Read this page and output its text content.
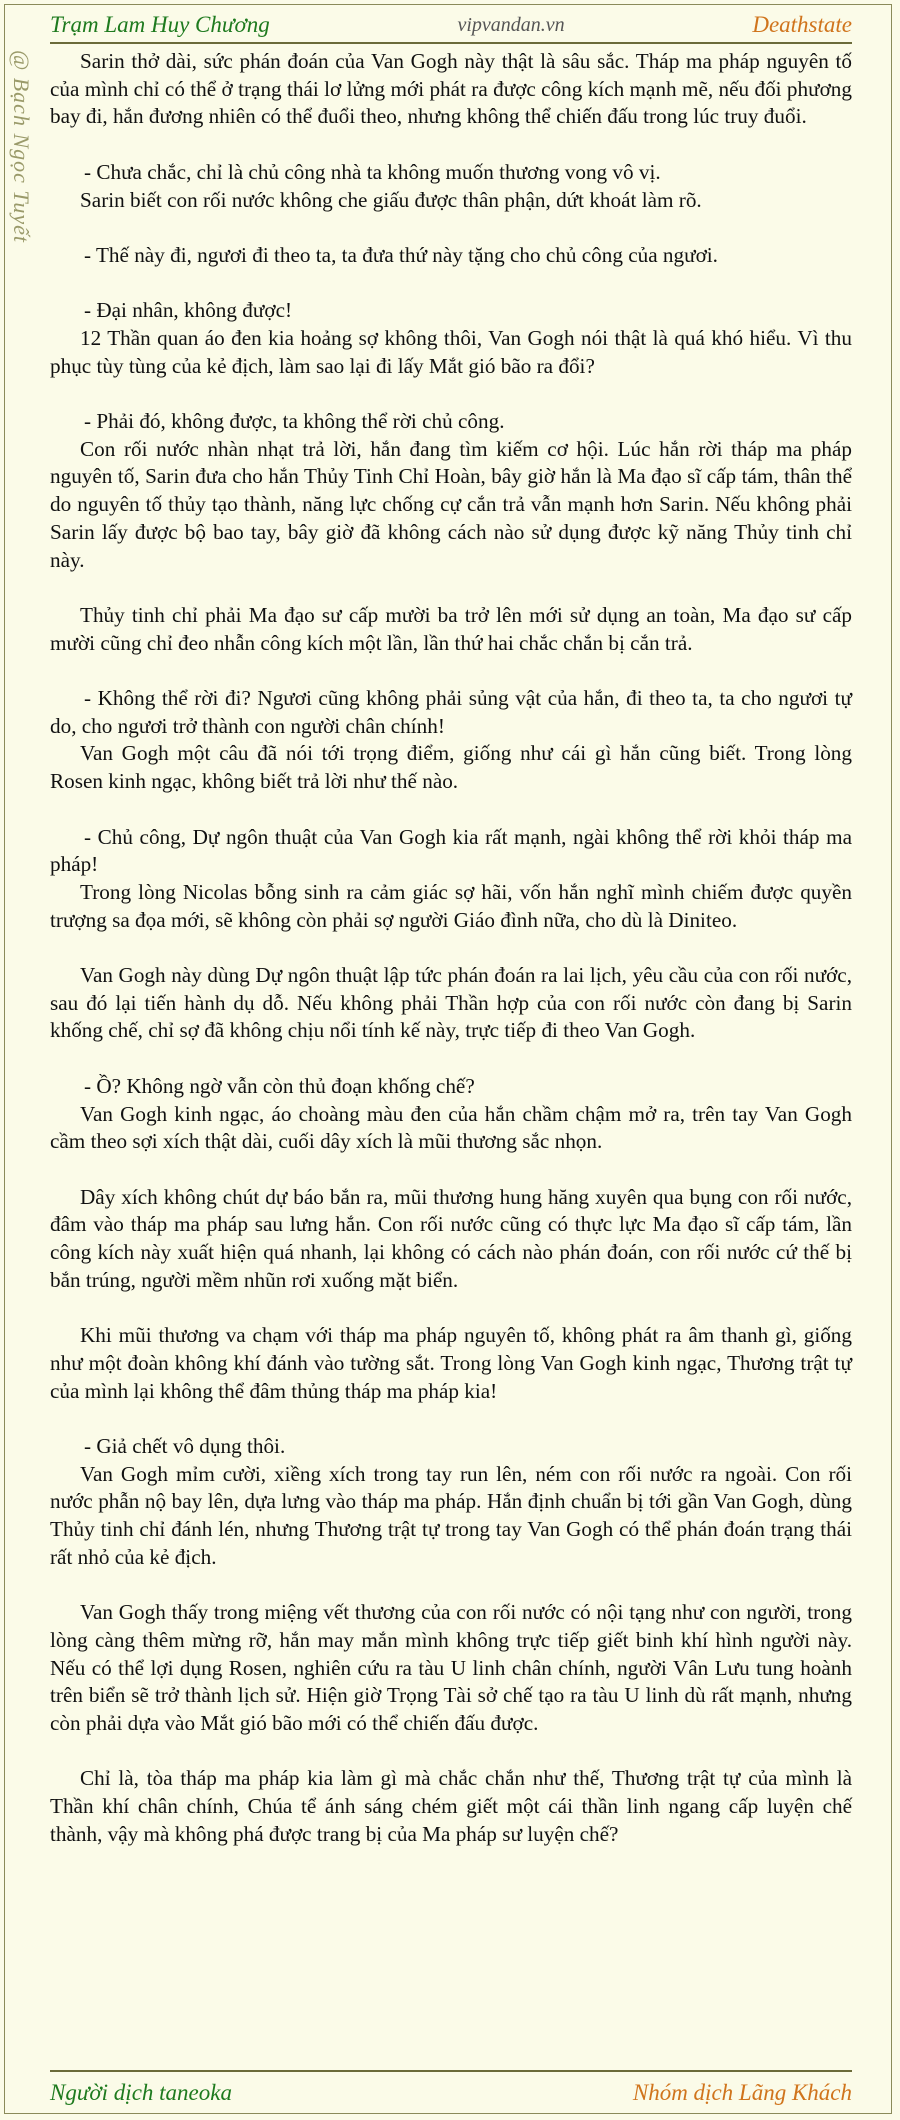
Trạm Lam Huy Chương	vipvandan.vn	Deathstate
@ Bạch Ngọc Tuyết	Sarin thở dài, sức phán đoán của Van Gogh này thật là sâu sắc. Tháp ma pháp nguyên tố của mình chỉ có thể ở trạng thái lơ lửng mới phát ra được công kích mạnh mẽ, nếu đối phương bay đi, hắn đương nhiên có thể đuổi theo, nhưng không thể chiến đấu trong lúc truy đuổi.

- Chưa chắc, chỉ là chủ công nhà ta không muốn thương vong vô vị.

Sarin biết con rối nước không che giấu được thân phận, dứt khoát làm rõ.

- Thế này đi, ngươi đi theo ta, ta đưa thứ này tặng cho chủ công của ngươi.

- Đại nhân, không được!

12 Thần quan áo đen kia hoảng sợ không thôi, Van Gogh nói thật là quá khó hiểu. Vì thu phục tùy tùng của kẻ địch, làm sao lại đi lấy Mắt gió bão ra đổi?

- Phải đó, không được, ta không thể rời chủ công.

Con rối nước nhàn nhạt trả lời, hắn đang tìm kiếm cơ hội. Lúc hắn rời tháp ma pháp nguyên tố, Sarin đưa cho hắn Thủy Tinh Chỉ Hoàn, bây giờ hắn là Ma đạo sĩ cấp tám, thân thể do nguyên tố thủy tạo thành, năng lực chống cự cắn trả vẫn mạnh hơn Sarin. Nếu không phải Sarin lấy được bộ bao tay, bây giờ đã không cách nào sử dụng được kỹ năng Thủy tinh chỉ này.

Thủy tinh chỉ phải Ma đạo sư cấp mười ba trở lên mới sử dụng an toàn, Ma đạo sư cấp mười cũng chỉ đeo nhẫn công kích một lần, lần thứ hai chắc chắn bị cắn trả.

- Không thể rời đi? Ngươi cũng không phải sủng vật của hắn, đi theo ta, ta cho ngươi tự do, cho ngươi trở thành con người chân chính!

Van Gogh một câu đã nói tới trọng điểm, giống như cái gì hắn cũng biết. Trong lòng Rosen kinh ngạc, không biết trả lời như thế nào.

- Chủ công, Dự ngôn thuật của Van Gogh kia rất mạnh, ngài không thể rời khỏi tháp ma pháp!

Trong lòng Nicolas bỗng sinh ra cảm giác sợ hãi, vốn hắn nghĩ mình chiếm được quyền trượng sa đọa mới, sẽ không còn phải sợ người Giáo đình nữa, cho dù là Diniteo.

Van Gogh này dùng Dự ngôn thuật lập tức phán đoán ra lai lịch, yêu cầu của con rối nước, sau đó lại tiến hành dụ dỗ. Nếu không phải Thần hợp của con rối nước còn đang bị Sarin khống chế, chỉ sợ đã không chịu nổi tính kế này, trực tiếp đi theo Van Gogh.

- Ồ? Không ngờ vẫn còn thủ đoạn khống chế?

Van Gogh kinh ngạc, áo choàng màu đen của hắn chầm chậm mở ra, trên tay Van Gogh cầm theo sợi xích thật dài, cuối dây xích là mũi thương sắc nhọn.

Dây xích không chút dự báo bắn ra, mũi thương hung hăng xuyên qua bụng con rối nước, đâm vào tháp ma pháp sau lưng hắn. Con rối nước cũng có thực lực Ma đạo sĩ cấp tám, lần công kích này xuất hiện quá nhanh, lại không có cách nào phán đoán, con rối nước cứ thế bị bắn trúng, người mềm nhũn rơi xuống mặt biển.

Khi mũi thương va chạm với tháp ma pháp nguyên tố, không phát ra âm thanh gì, giống như một đoàn không khí đánh vào tường sắt. Trong lòng Van Gogh kinh ngạc, Thương trật tự của mình lại không thể đâm thủng tháp ma pháp kia!

- Giả chết vô dụng thôi.

Van Gogh mỉm cười, xiềng xích trong tay run lên, ném con rối nước ra ngoài. Con rối nước phẫn nộ bay lên, dựa lưng vào tháp ma pháp. Hắn định chuẩn bị tới gần Van Gogh, dùng Thủy tinh chỉ đánh lén, nhưng Thương trật tự trong tay Van Gogh có thể phán đoán trạng thái rất nhỏ của kẻ địch.

Van Gogh thấy trong miệng vết thương của con rối nước có nội tạng như con người, trong lòng càng thêm mừng rỡ, hắn may mắn mình không trực tiếp giết binh khí hình người này. Nếu có thể lợi dụng Rosen, nghiên cứu ra tàu U linh chân chính, người Vân Lưu tung hoành trên biển sẽ trở thành lịch sử. Hiện giờ Trọng Tài sở chế tạo ra tàu U linh dù rất mạnh, nhưng còn phải dựa vào Mắt gió bão mới có thể chiến đấu được.

Chỉ là, tòa tháp ma pháp kia làm gì mà chắc chắn như thế, Thương trật tự của mình là Thần khí chân chính, Chúa tể ánh sáng chém giết một cái thần linh ngang cấp luyện chế thành, vậy mà không phá được trang bị của Ma pháp sư luyện chế?

Người dịch taneoka	Nhóm dịch Lãng Khách
